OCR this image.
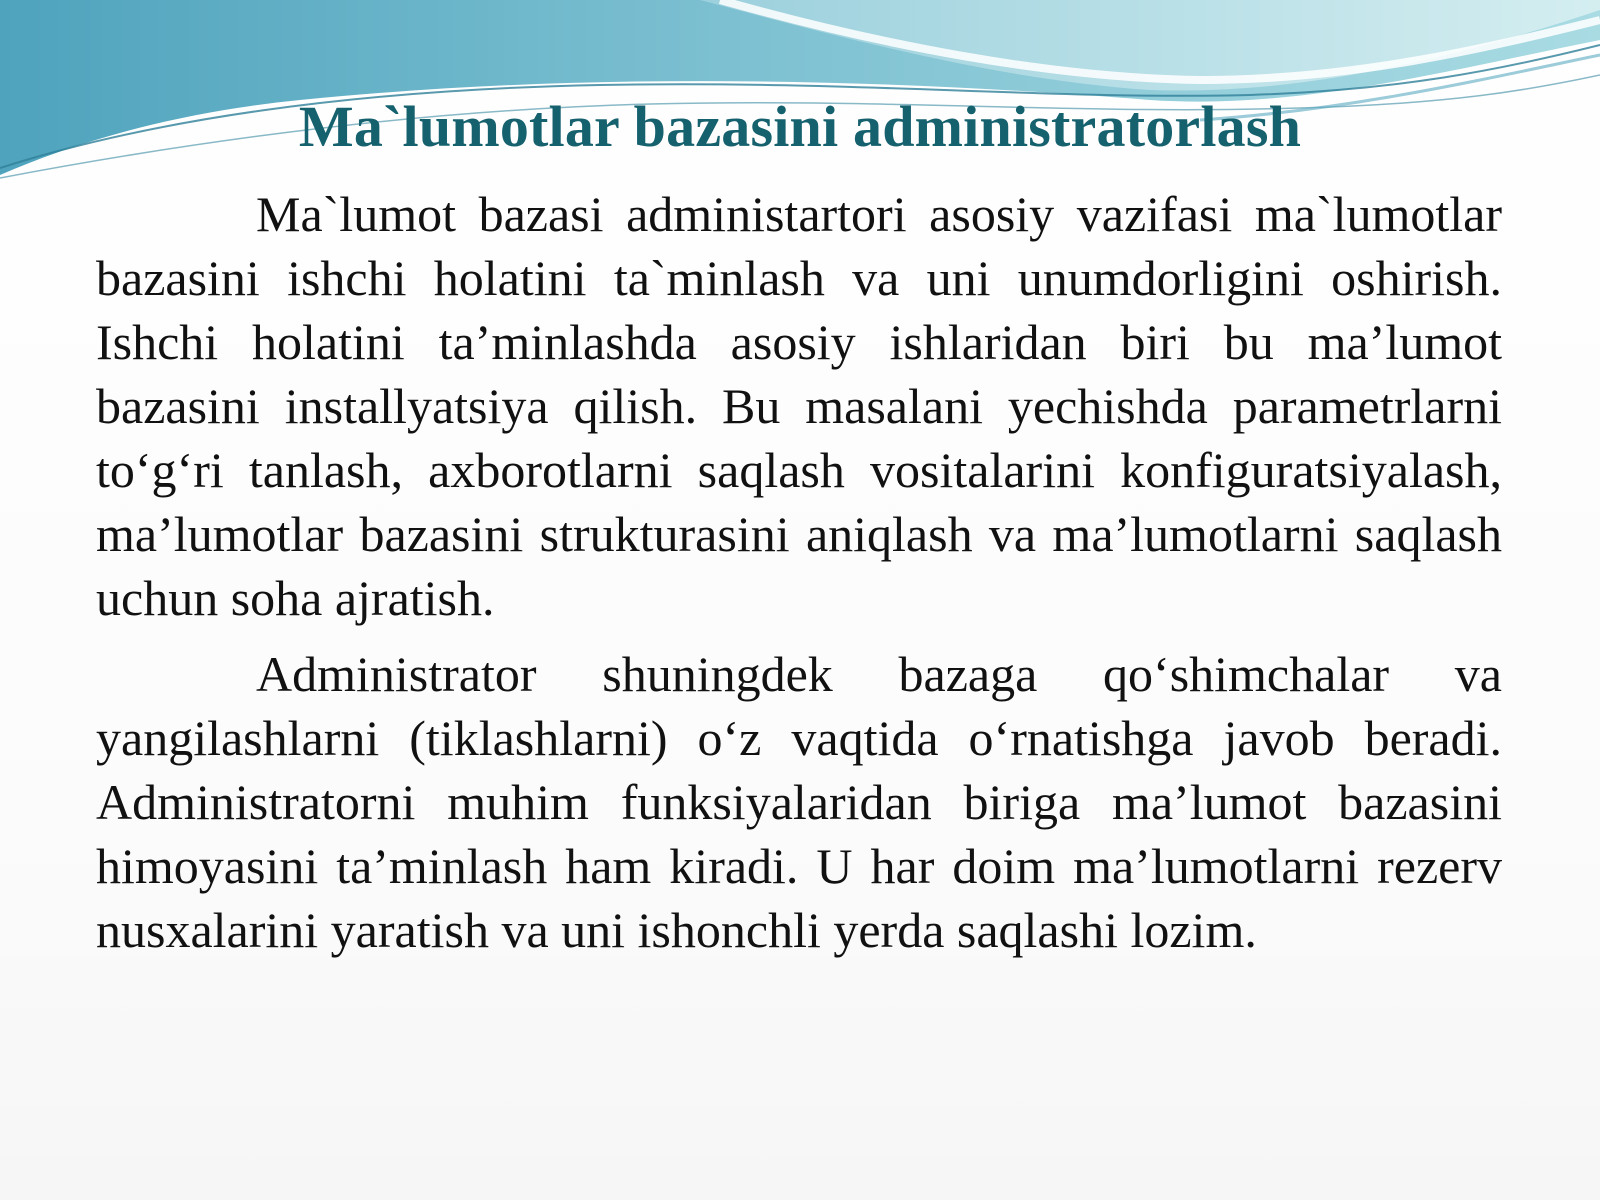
Ma`lumotlar bazasini administratorlash

Ma`lumot bazasi administartori asosiy vazifasi ma`lumotlar bazasini ishchi holatini ta`minlash va uni unumdorligini oshirish. Ishchi holatini ta’minlashda asosiy ishlaridan biri bu ma’lumot bazasini installyatsiya qilish. Bu masalani yechishda parametrlarni to‘g‘ri tanlash, axborotlarni saqlash vositalarini konfiguratsiyalash, ma’lumotlar bazasini strukturasini aniqlash va ma’lumotlarni saqlash uchun soha ajratish.

Administrator shuningdek bazaga qo‘shimchalar va yangilashlarni (tiklashlarni) o‘z vaqtida o‘rnatishga javob beradi. Administratorni muhim funksiyalaridan biriga ma’lumot bazasini himoyasini ta’minlash ham kiradi. U har doim ma’lumotlarni rezerv nusxalarini yaratish va uni ishonchli yerda saqlashi lozim.
